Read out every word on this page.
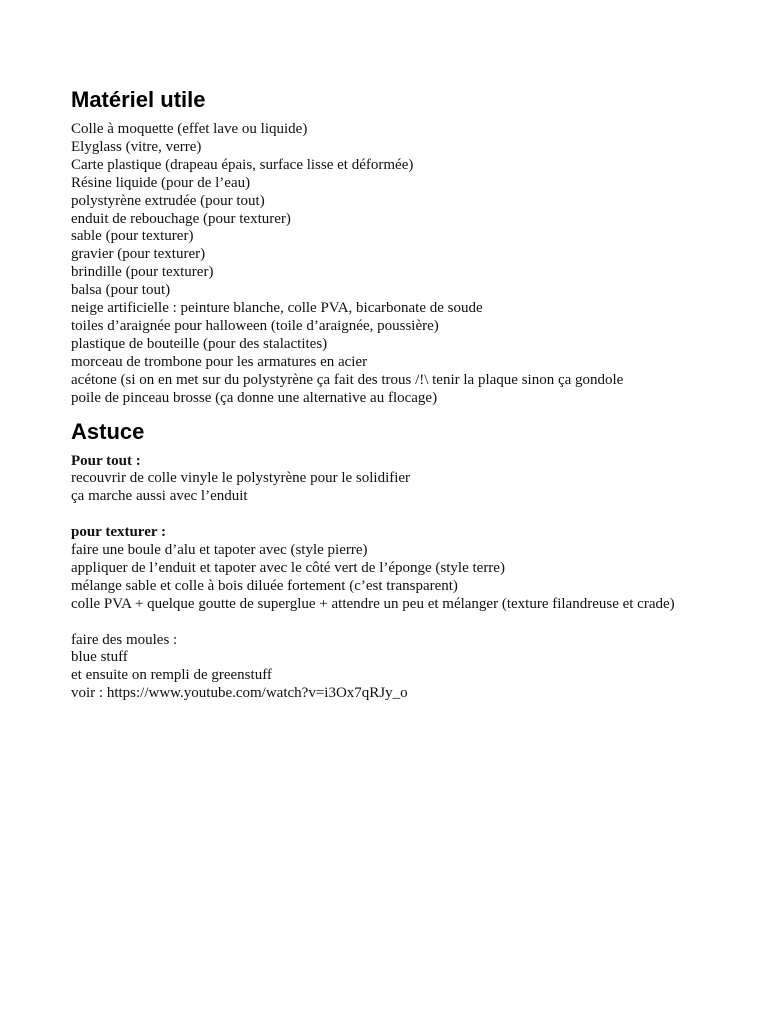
Matériel utile
Colle à moquette (effet lave ou liquide)
Elyglass (vitre, verre)
Carte plastique (drapeau épais, surface lisse et déformée)
Résine liquide (pour de l’eau)
polystyrène extrudée (pour tout)
enduit de rebouchage (pour texturer)
sable (pour texturer)
gravier (pour texturer)
brindille (pour texturer)
balsa (pour tout)
neige artificielle : peinture blanche, colle PVA, bicarbonate de soude
toiles d’araignée pour halloween (toile d’araignée, poussière)
plastique de bouteille (pour des stalactites)
morceau de trombone pour les armatures en acier
acétone (si on en met sur du polystyrène ça fait des trous /!\ tenir la plaque sinon ça gondole
poile de pinceau brosse (ça donne une alternative au flocage)
Astuce
Pour tout :
recouvrir de colle vinyle le polystyrène pour le solidifier
ça marche aussi avec l’enduit
pour texturer :
faire une boule d’alu et tapoter avec (style pierre)
appliquer de l’enduit et tapoter avec le côté vert de l’éponge (style terre)
mélange sable et colle à bois diluée fortement (c’est transparent)
colle PVA + quelque goutte de superglue + attendre un peu et mélanger (texture filandreuse et crade)
faire des moules :
blue stuff
et ensuite on rempli de greenstuff
voir : https://www.youtube.com/watch?v=i3Ox7qRJy_o
